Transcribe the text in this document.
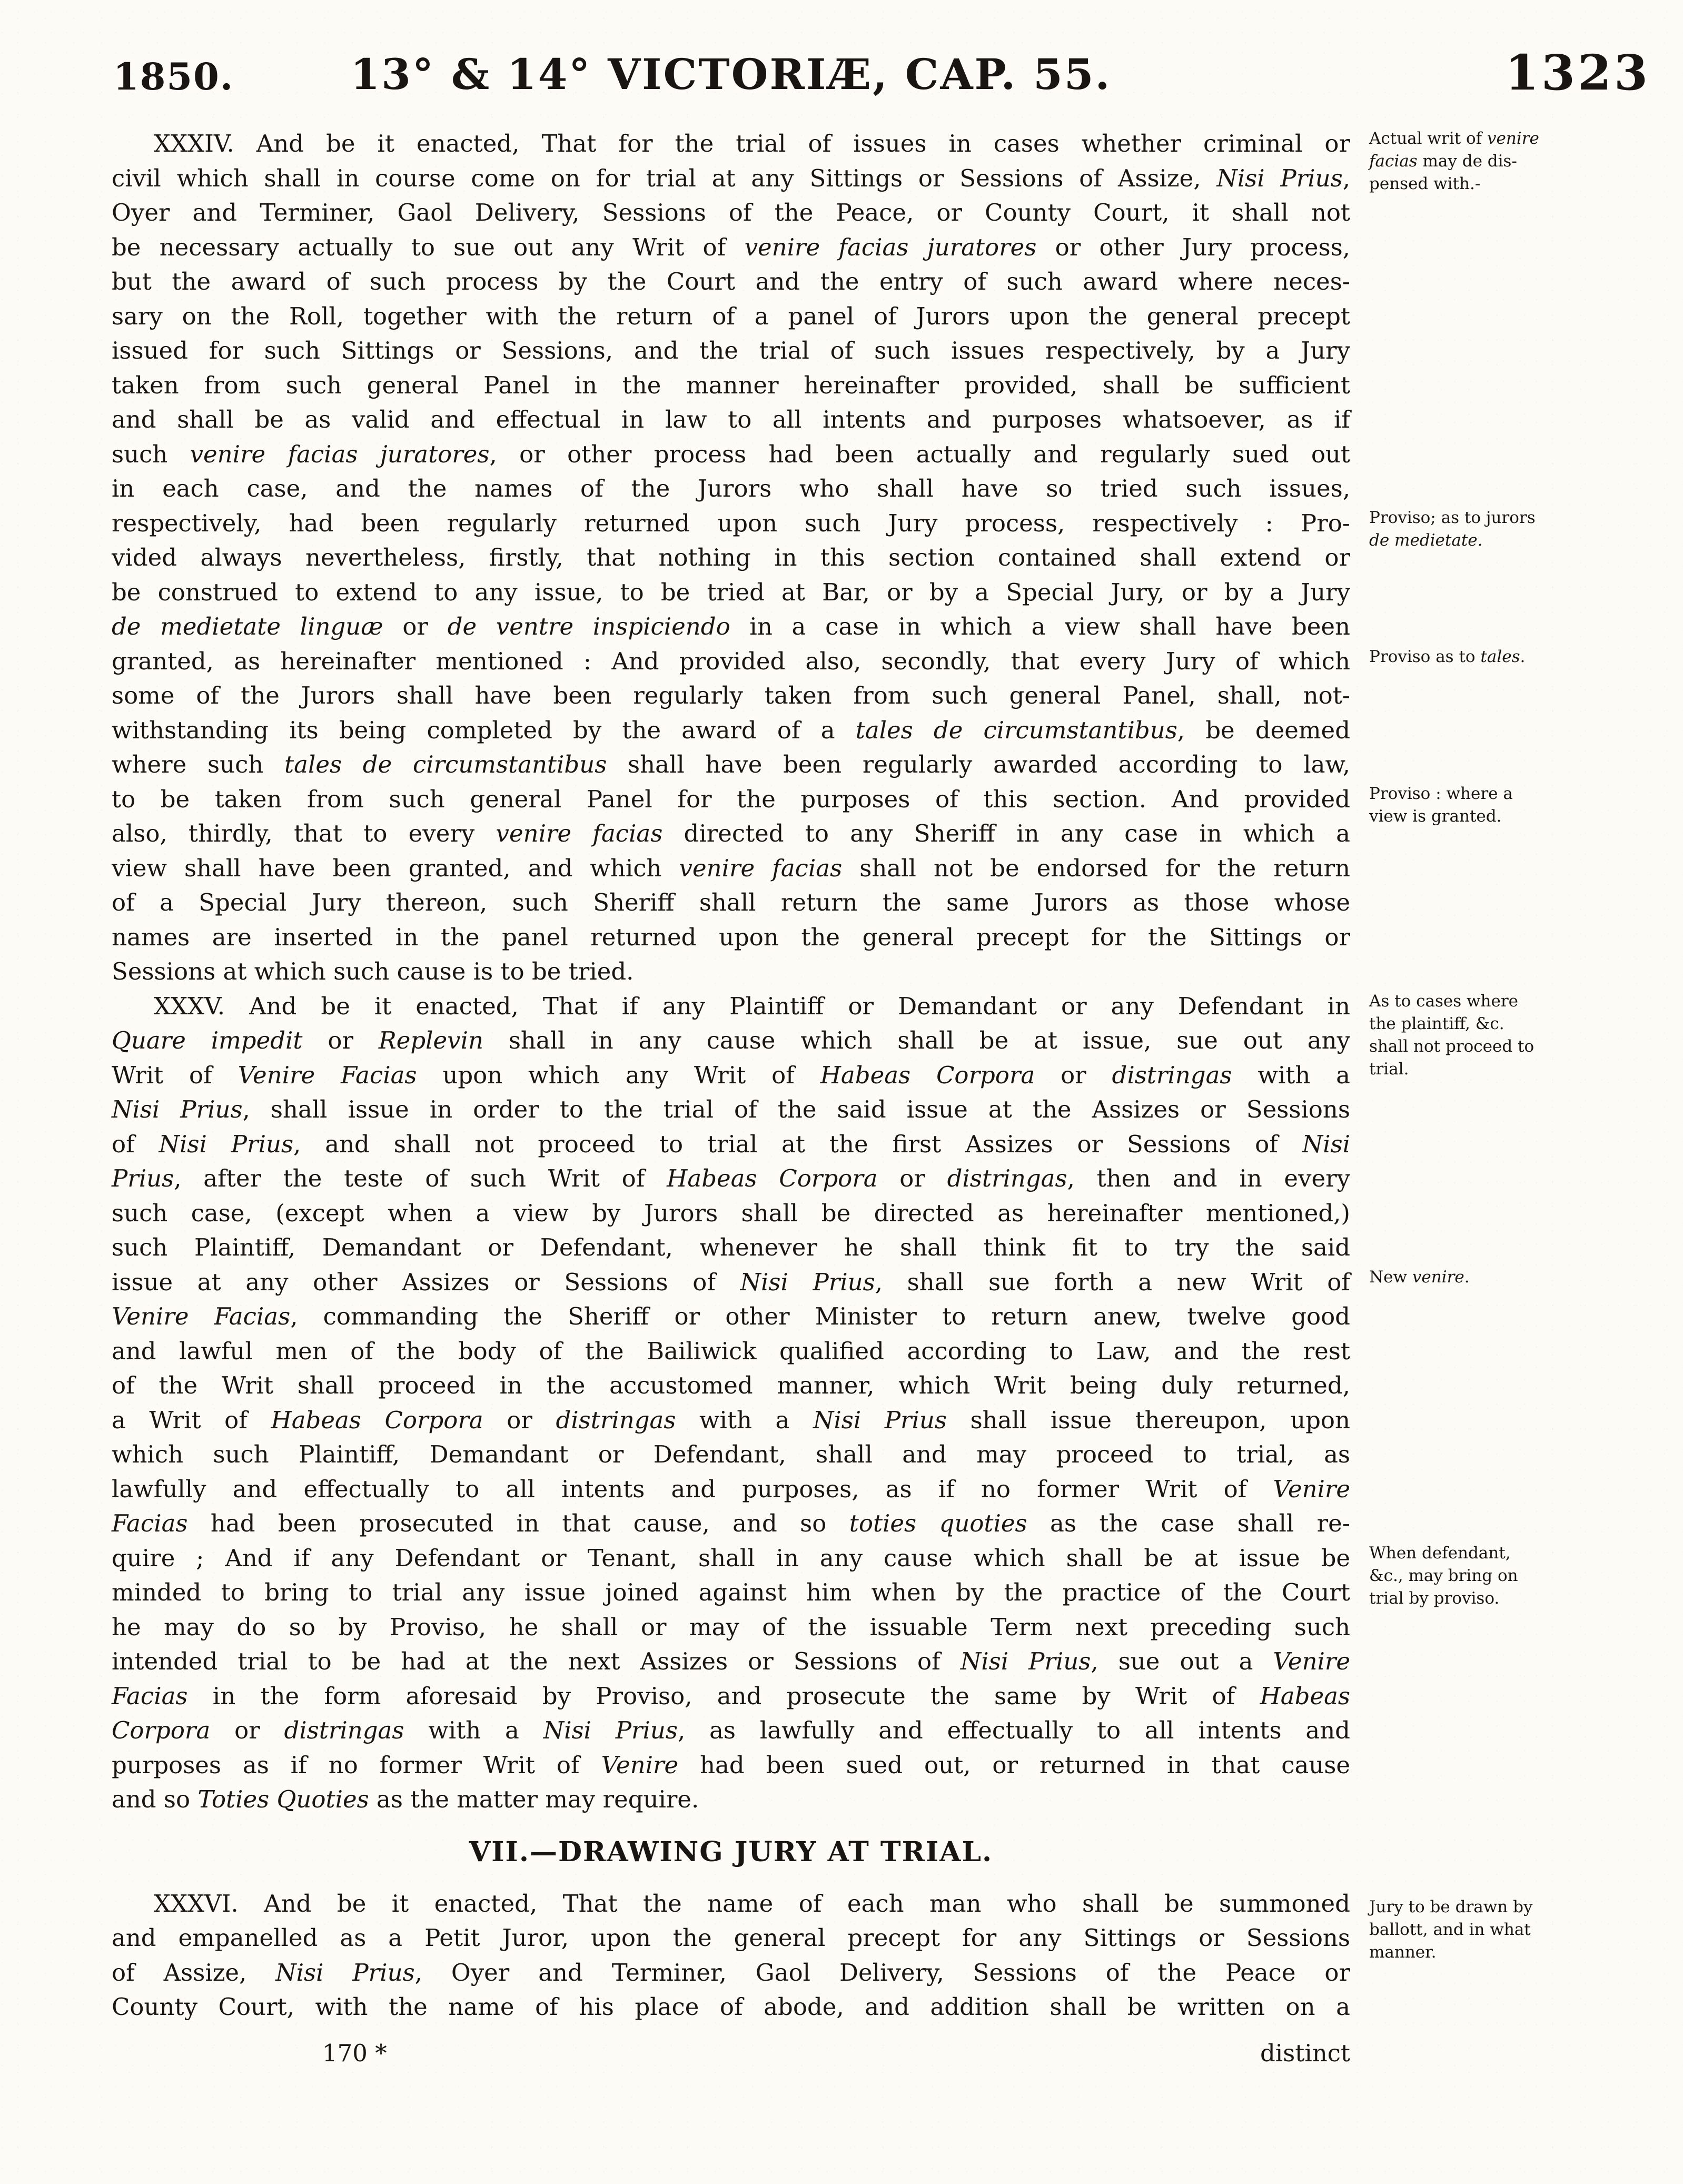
1850.	13° & 14° VICTORIÆ, CAP. 55.	1323
XXXIV. And be it enacted, That for the trial of issues in cases whether criminal or
civil which shall in course come on for trial at any Sittings or Sessions of Assize, Nisi Prius,
Oyer and Terminer, Gaol Delivery, Sessions of the Peace, or County Court, it shall not
be necessary actually to sue out any Writ of venire facias juratores or other Jury process,
but the award of such process by the Court and the entry of such award where neces-
sary on the Roll, together with the return of a panel of Jurors upon the general precept
issued for such Sittings or Sessions, and the trial of such issues respectively, by a Jury
taken from such general Panel in the manner hereinafter provided, shall be sufficient
and shall be as valid and effectual in law to all intents and purposes whatsoever, as if
such venire facias juratores, or other process had been actually and regularly sued out
in each case, and the names of the Jurors who shall have so tried such issues,
respectively, had been regularly returned upon such Jury process, respectively : Pro-
vided always nevertheless, firstly, that nothing in this section contained shall extend or
be construed to extend to any issue, to be tried at Bar, or by a Special Jury, or by a Jury
de medietate linguæ or de ventre inspiciendo in a case in which a view shall have been
granted, as hereinafter mentioned : And provided also, secondly, that every Jury of which
some of the Jurors shall have been regularly taken from such general Panel, shall, not-
withstanding its being completed by the award of a tales de circumstantibus, be deemed
where such tales de circumstantibus shall have been regularly awarded according to law,
to be taken from such general Panel for the purposes of this section. And provided
also, thirdly, that to every venire facias directed to any Sheriff in any case in which a
view shall have been granted, and which venire facias shall not be endorsed for the return
of a Special Jury thereon, such Sheriff shall return the same Jurors as those whose
names are inserted in the panel returned upon the general precept for the Sittings or
Sessions at which such cause is to be tried.
XXXV. And be it enacted, That if any Plaintiff or Demandant or any Defendant in
Quare impedit or Replevin shall in any cause which shall be at issue, sue out any
Writ of Venire Facias upon which any Writ of Habeas Corpora or distringas with a
Nisi Prius, shall issue in order to the trial of the said issue at the Assizes or Sessions
of Nisi Prius, and shall not proceed to trial at the first Assizes or Sessions of Nisi
Prius, after the teste of such Writ of Habeas Corpora or distringas, then and in every
such case, (except when a view by Jurors shall be directed as hereinafter mentioned,)
such Plaintiff, Demandant or Defendant, whenever he shall think fit to try the said
issue at any other Assizes or Sessions of Nisi Prius, shall sue forth a new Writ of
Venire Facias, commanding the Sheriff or other Minister to return anew, twelve good
and lawful men of the body of the Bailiwick qualified according to Law, and the rest
of the Writ shall proceed in the accustomed manner, which Writ being duly returned,
a Writ of Habeas Corpora or distringas with a Nisi Prius shall issue thereupon, upon
which such Plaintiff, Demandant or Defendant, shall and may proceed to trial, as
lawfully and effectually to all intents and purposes, as if no former Writ of Venire
Facias had been prosecuted in that cause, and so toties quoties as the case shall re-
quire ; And if any Defendant or Tenant, shall in any cause which shall be at issue be
minded to bring to trial any issue joined against him when by the practice of the Court
he may do so by Proviso, he shall or may of the issuable Term next preceding such
intended trial to be had at the next Assizes or Sessions of Nisi Prius, sue out a Venire
Facias in the form aforesaid by Proviso, and prosecute the same by Writ of Habeas
Corpora or distringas with a Nisi Prius, as lawfully and effectually to all intents and
purposes as if no former Writ of Venire had been sued out, or returned in that cause
and so Toties Quoties as the matter may require.
VII.—DRAWING JURY AT TRIAL.
XXXVI. And be it enacted, That the name of each man who shall be summoned
and empanelled as a Petit Juror, upon the general precept for any Sittings or Sessions
of Assize, Nisi Prius, Oyer and Terminer, Gaol Delivery, Sessions of the Peace or
County Court, with the name of his place of abode, and addition shall be written on a
Actual writ of venire
facias may de dis-
pensed with.-
Proviso; as to jurors
de medietate.
Proviso as to tales.
Proviso : where a
view is granted.
As to cases where
the plaintiff, &c.
shall not proceed to
trial.
New venire.
When defendant,
&c., may bring on
trial by proviso.
Jury to be drawn by
ballott, and in what
manner.
170 *	distinct
